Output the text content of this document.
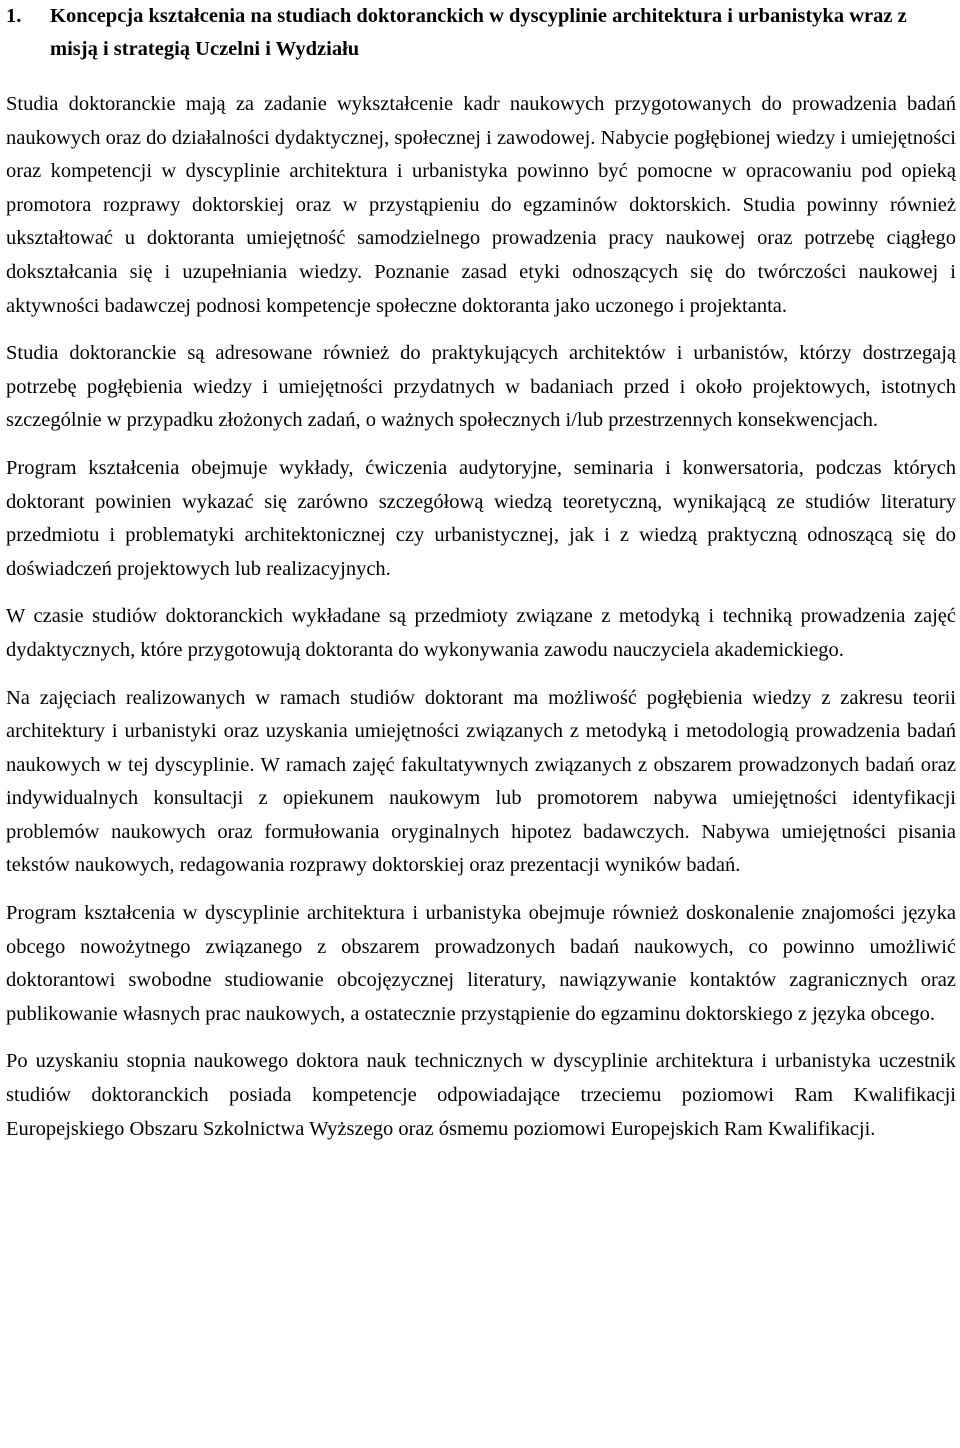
1.	Koncepcja kształcenia na studiach doktoranckich w dyscyplinie architektura i urbanistyka wraz z misją i strategią Uczelni i Wydziału

Studia doktoranckie mają za zadanie wykształcenie kadr naukowych przygotowanych do prowadzenia badań naukowych oraz do działalności dydaktycznej, społecznej i zawodowej. Nabycie pogłębionej wiedzy i umiejętności oraz kompetencji w dyscyplinie architektura i urbanistyka powinno być pomocne w opracowaniu pod opieką promotora rozprawy doktorskiej oraz w przystąpieniu do egzaminów doktorskich. Studia powinny również ukształtować u doktoranta umiejętność samodzielnego prowadzenia pracy naukowej oraz potrzebę ciągłego dokształcania się i uzupełniania wiedzy. Poznanie zasad etyki odnoszących się do twórczości naukowej i aktywności badawczej podnosi kompetencje społeczne doktoranta jako uczonego i projektanta.

Studia doktoranckie są adresowane również do praktykujących architektów i urbanistów, którzy dostrzegają potrzebę pogłębienia wiedzy i umiejętności przydatnych w badaniach przed i około projektowych, istotnych szczególnie w przypadku złożonych zadań, o ważnych społecznych i/lub przestrzennych konsekwencjach.

Program kształcenia obejmuje wykłady, ćwiczenia audytoryjne, seminaria i konwersatoria, podczas których doktorant powinien wykazać się zarówno szczegółową wiedzą teoretyczną, wynikającą ze studiów literatury przedmiotu i problematyki architektonicznej czy urbanistycznej, jak i z wiedzą praktyczną odnoszącą się do doświadczeń projektowych lub realizacyjnych.

W czasie studiów doktoranckich wykładane są przedmioty związane z metodyką i techniką prowadzenia zajęć dydaktycznych, które przygotowują doktoranta do wykonywania zawodu nauczyciela akademickiego.

Na zajęciach realizowanych w ramach studiów doktorant ma możliwość pogłębienia wiedzy z zakresu teorii architektury i urbanistyki oraz uzyskania umiejętności związanych z metodyką i metodologią prowadzenia badań naukowych w tej dyscyplinie. W ramach zajęć fakultatywnych związanych z obszarem prowadzonych badań oraz indywidualnych konsultacji z opiekunem naukowym lub promotorem nabywa umiejętności identyfikacji problemów naukowych oraz formułowania oryginalnych hipotez badawczych. Nabywa umiejętności pisania tekstów naukowych, redagowania rozprawy doktorskiej oraz prezentacji wyników badań.

Program kształcenia w dyscyplinie architektura i urbanistyka obejmuje również doskonalenie znajomości języka obcego nowożytnego związanego z obszarem prowadzonych badań naukowych, co powinno umożliwić doktorantowi swobodne studiowanie obcojęzycznej literatury, nawiązywanie kontaktów zagranicznych oraz publikowanie własnych prac naukowych, a ostatecznie przystąpienie do egzaminu doktorskiego z języka obcego.

Po uzyskaniu stopnia naukowego doktora nauk technicznych w dyscyplinie architektura i urbanistyka uczestnik studiów doktoranckich posiada kompetencje odpowiadające trzeciemu poziomowi Ram Kwalifikacji Europejskiego Obszaru Szkolnictwa Wyższego oraz ósmemu poziomowi Europejskich Ram Kwalifikacji.
